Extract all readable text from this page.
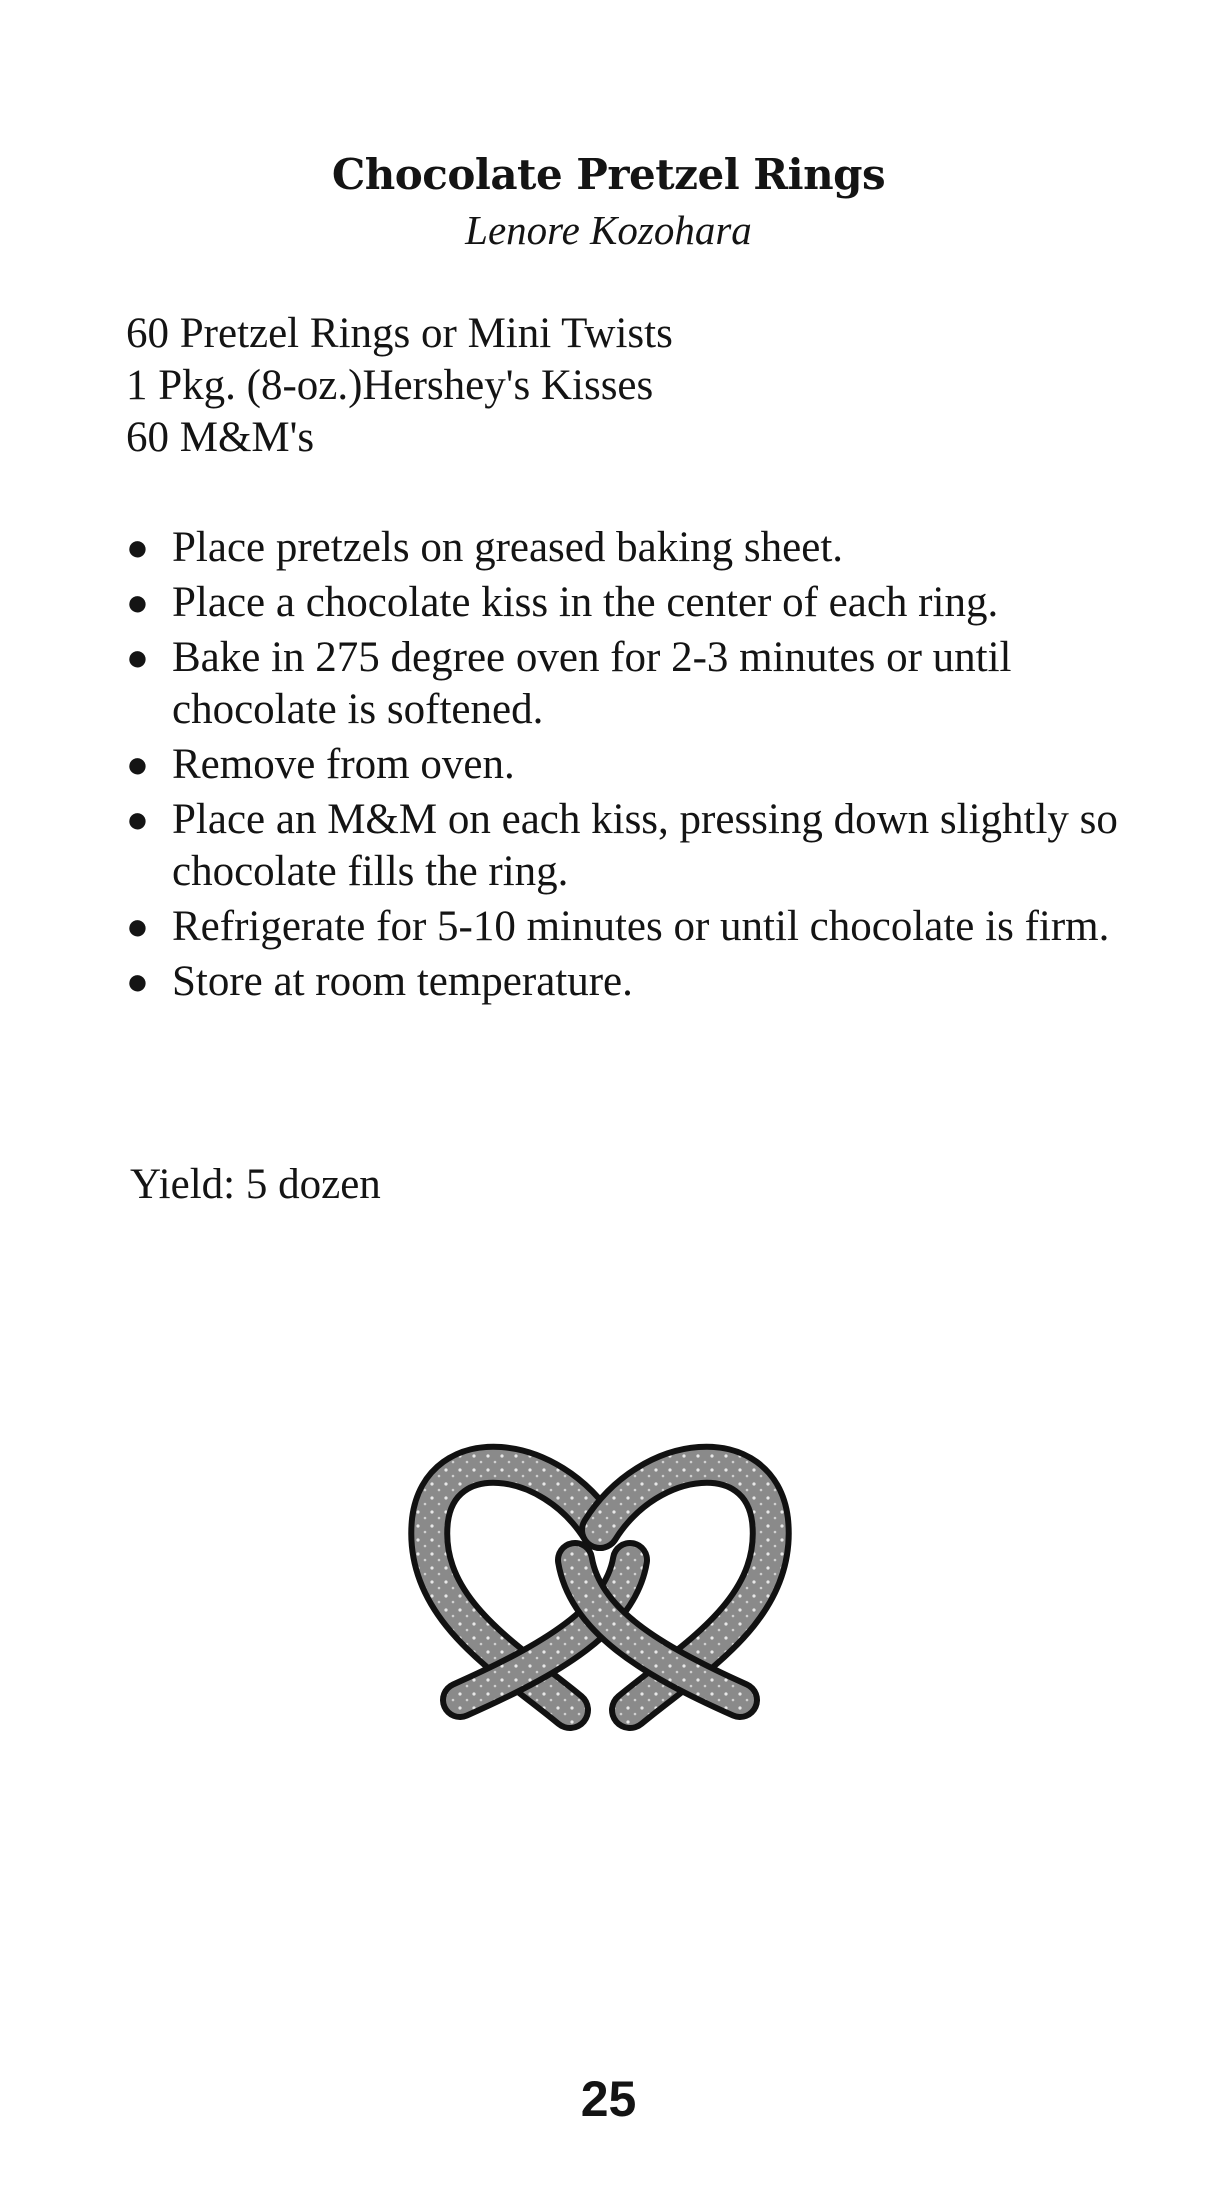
Chocolate Pretzel Rings
Lenore Kozohara
60 Pretzel Rings or Mini Twists
1 Pkg. (8-oz.)Hershey's Kisses
60 M&M's
● Place pretzels on greased baking sheet.
● Place a chocolate kiss in the center of each ring.
● Bake in 275 degree oven for 2-3 minutes or until chocolate is softened.
● Remove from oven.
● Place an M&M on each kiss, pressing down slightly so chocolate fills the ring.
● Refrigerate for 5-10 minutes or until chocolate is firm.
● Store at room temperature.
Yield: 5 dozen
25
